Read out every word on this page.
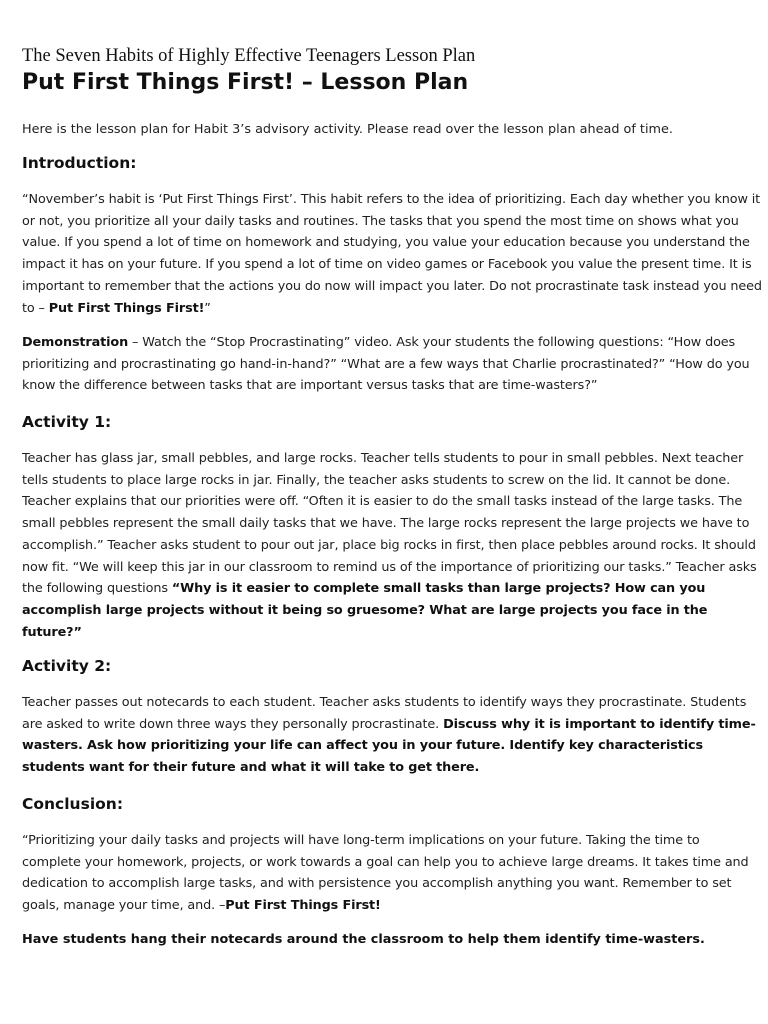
The Seven Habits of Highly Effective Teenagers Lesson Plan
Put First Things First! – Lesson Plan
Here is the lesson plan for Habit 3’s advisory activity. Please read over the lesson plan ahead of time.
Introduction:
“November’s habit is ‘Put First Things First’. This habit refers to the idea of prioritizing. Each day whether you know it or not, you prioritize all your daily tasks and routines. The tasks that you spend the most time on shows what you value. If you spend a lot of time on homework and studying, you value your education because you understand the impact it has on your future. If you spend a lot of time on video games or Facebook you value the present time. It is important to remember that the actions you do now will impact you later. Do not procrastinate task instead you need to – Put First Things First!”
Demonstration – Watch the “Stop Procrastinating” video. Ask your students the following questions: “How does prioritizing and procrastinating go hand-in-hand?” “What are a few ways that Charlie procrastinated?” “How do you know the difference between tasks that are important versus tasks that are time-wasters?”
Activity 1:
Teacher has glass jar, small pebbles, and large rocks. Teacher tells students to pour in small pebbles. Next teacher tells students to place large rocks in jar. Finally, the teacher asks students to screw on the lid. It cannot be done. Teacher explains that our priorities were off. “Often it is easier to do the small tasks instead of the large tasks. The small pebbles represent the small daily tasks that we have. The large rocks represent the large projects we have to accomplish.” Teacher asks student to pour out jar, place big rocks in first, then place pebbles around rocks. It should now fit. “We will keep this jar in our classroom to remind us of the importance of prioritizing our tasks.” Teacher asks the following questions “Why is it easier to complete small tasks than large projects? How can you accomplish large projects without it being so gruesome? What are large projects you face in the future?”
Activity 2:
Teacher passes out notecards to each student. Teacher asks students to identify ways they procrastinate. Students are asked to write down three ways they personally procrastinate. Discuss why it is important to identify time-wasters. Ask how prioritizing your life can affect you in your future. Identify key characteristics students want for their future and what it will take to get there.
Conclusion:
“Prioritizing your daily tasks and projects will have long-term implications on your future. Taking the time to complete your homework, projects, or work towards a goal can help you to achieve large dreams. It takes time and dedication to accomplish large tasks, and with persistence you accomplish anything you want. Remember to set goals, manage your time, and. –Put First Things First!
Have students hang their notecards around the classroom to help them identify time-wasters.
